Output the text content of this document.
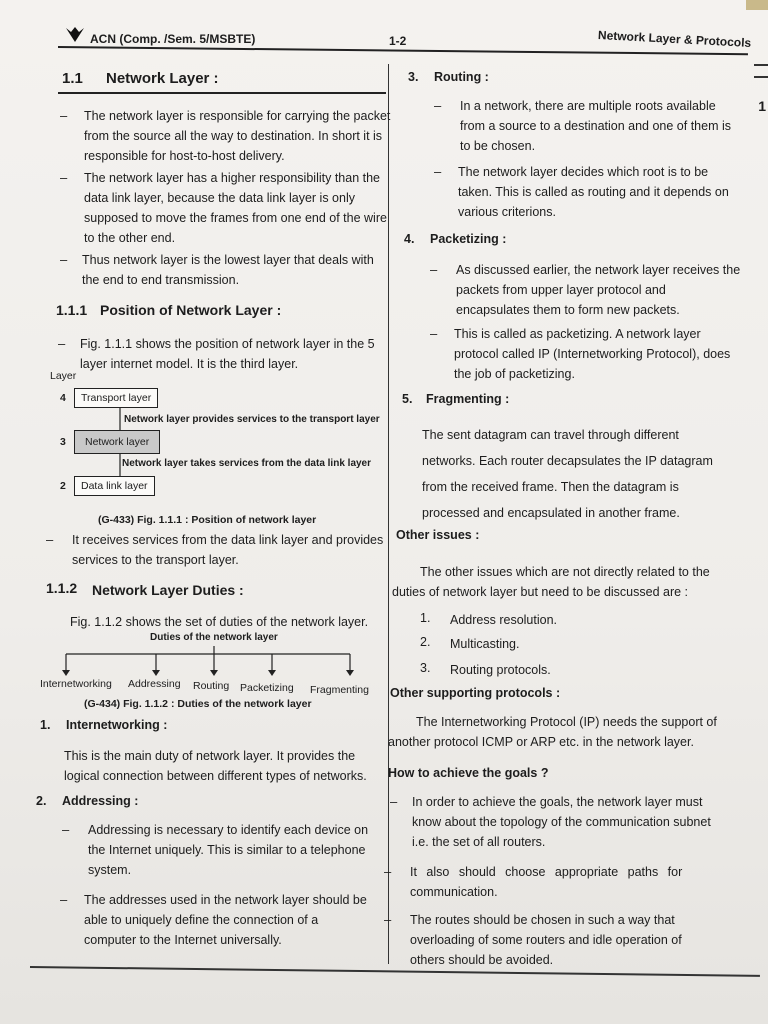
1
ACN (Comp. /Sem. 5/MSBTE)	1-2	Network Layer & Protocols
1.1 Network Layer :
– The network layer is responsible for carrying the packet
from the source all the way to destination. In short it is
responsible for host-to-host delivery.
– The network layer has a higher responsibility than the
data link layer, because the data link layer is only
supposed to move the frames from one end of the wire
to the other end.
– Thus network layer is the lowest layer that deals with
the end to end transmission.
1.1.1 Position of Network Layer :
– Fig. 1.1.1 shows the position of network layer in the 5
layer internet model. It is the third layer.
Layer
4
3
2
Transport layer
Network layer
Data link layer
Network layer provides services to the transport layer
Network layer takes services from the data link layer
(G-433) Fig. 1.1.1 : Position of network layer
– It receives services from the data link layer and provides
services to the transport layer.
1.1.2 Network Layer Duties :
Fig. 1.1.2 shows the set of duties of the network layer.
Duties of the network layer
Internetworking Addressing Routing Packetizing Fragmenting
(G-434) Fig. 1.1.2 : Duties of the network layer
1. Internetworking :
This is the main duty of network layer. It provides the
logical connection between different types of networks.
2. Addressing :
– Addressing is necessary to identify each device on
the Internet uniquely. This is similar to a telephone
system.
– The addresses used in the network layer should be
able to uniquely define the connection of a
computer to the Internet universally.
3. Routing :
– In a network, there are multiple roots available
from a source to a destination and one of them is
to be chosen.
– The network layer decides which root is to be
taken. This is called as routing and it depends on
various criterions.
4. Packetizing :
– As discussed earlier, the network layer receives the
packets from upper layer protocol and
encapsulates them to form new packets.
– This is called as packetizing. A network layer
protocol called IP (Internetworking Protocol), does
the job of packetizing.
5. Fragmenting :
The sent datagram can travel through different
networks. Each router decapsulates the IP datagram
from the received frame. Then the datagram is
processed and encapsulated in another frame.
Other issues :
The other issues which are not directly related to the
duties of network layer but need to be discussed are :
1. Address resolution.
2. Multicasting.
3. Routing protocols.
Other supporting protocols :
The Internetworking Protocol (IP) needs the support of
another protocol ICMP or ARP etc. in the network layer.
How to achieve the goals ?
– In order to achieve the goals, the network layer must
know about the topology of the communication subnet
i.e. the set of all routers.
– It also should choose appropriate paths for
communication.
– The routes should be chosen in such a way that
overloading of some routers and idle operation of
others should be avoided.
